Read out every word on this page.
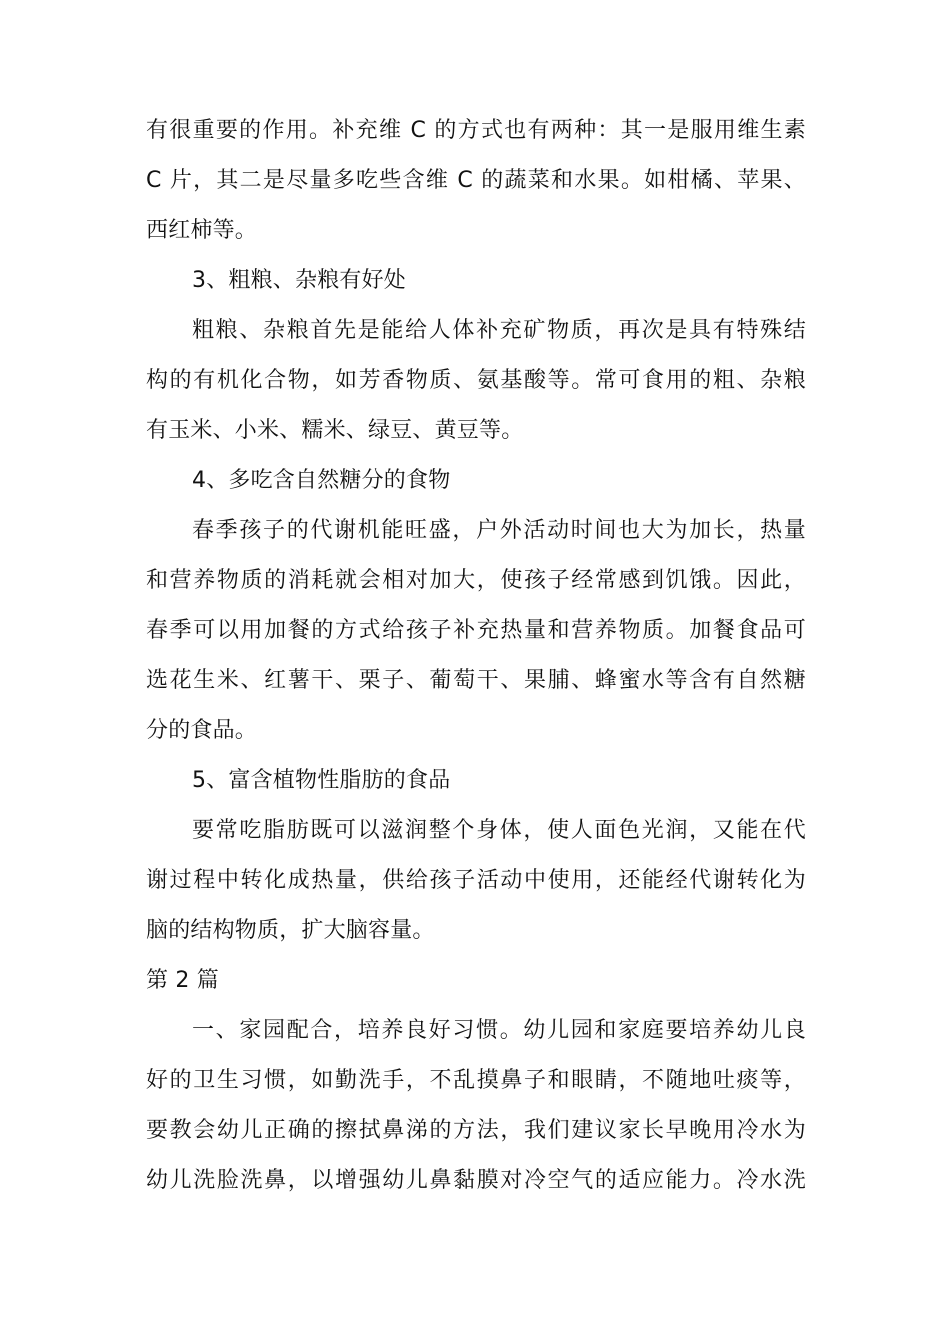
有很重要的作用。补充维 C 的方式也有两种：其一是服用维生素
C 片，其二是尽量多吃些含维 C 的蔬菜和水果。如柑橘、苹果、
西红柿等。
3、粗粮、杂粮有好处
粗粮、杂粮首先是能给人体补充矿物质，再次是具有特殊结
构的有机化合物，如芳香物质、氨基酸等。常可食用的粗、杂粮
有玉米、小米、糯米、绿豆、黄豆等。
4、多吃含自然糖分的食物
春季孩子的代谢机能旺盛，户外活动时间也大为加长，热量
和营养物质的消耗就会相对加大，使孩子经常感到饥饿。因此，
春季可以用加餐的方式给孩子补充热量和营养物质。加餐食品可
选花生米、红薯干、栗子、葡萄干、果脯、蜂蜜水等含有自然糖
分的食品。
5、富含植物性脂肪的食品
要常吃脂肪既可以滋润整个身体，使人面色光润，又能在代
谢过程中转化成热量，供给孩子活动中使用，还能经代谢转化为
脑的结构物质，扩大脑容量。
第 2 篇
一、家园配合，培养良好习惯。幼儿园和家庭要培养幼儿良
好的卫生习惯，如勤洗手，不乱摸鼻子和眼睛，不随地吐痰等，
要教会幼儿正确的擦拭鼻涕的方法，我们建议家长早晚用冷水为
幼儿洗脸洗鼻，以增强幼儿鼻黏膜对冷空气的适应能力。冷水洗
